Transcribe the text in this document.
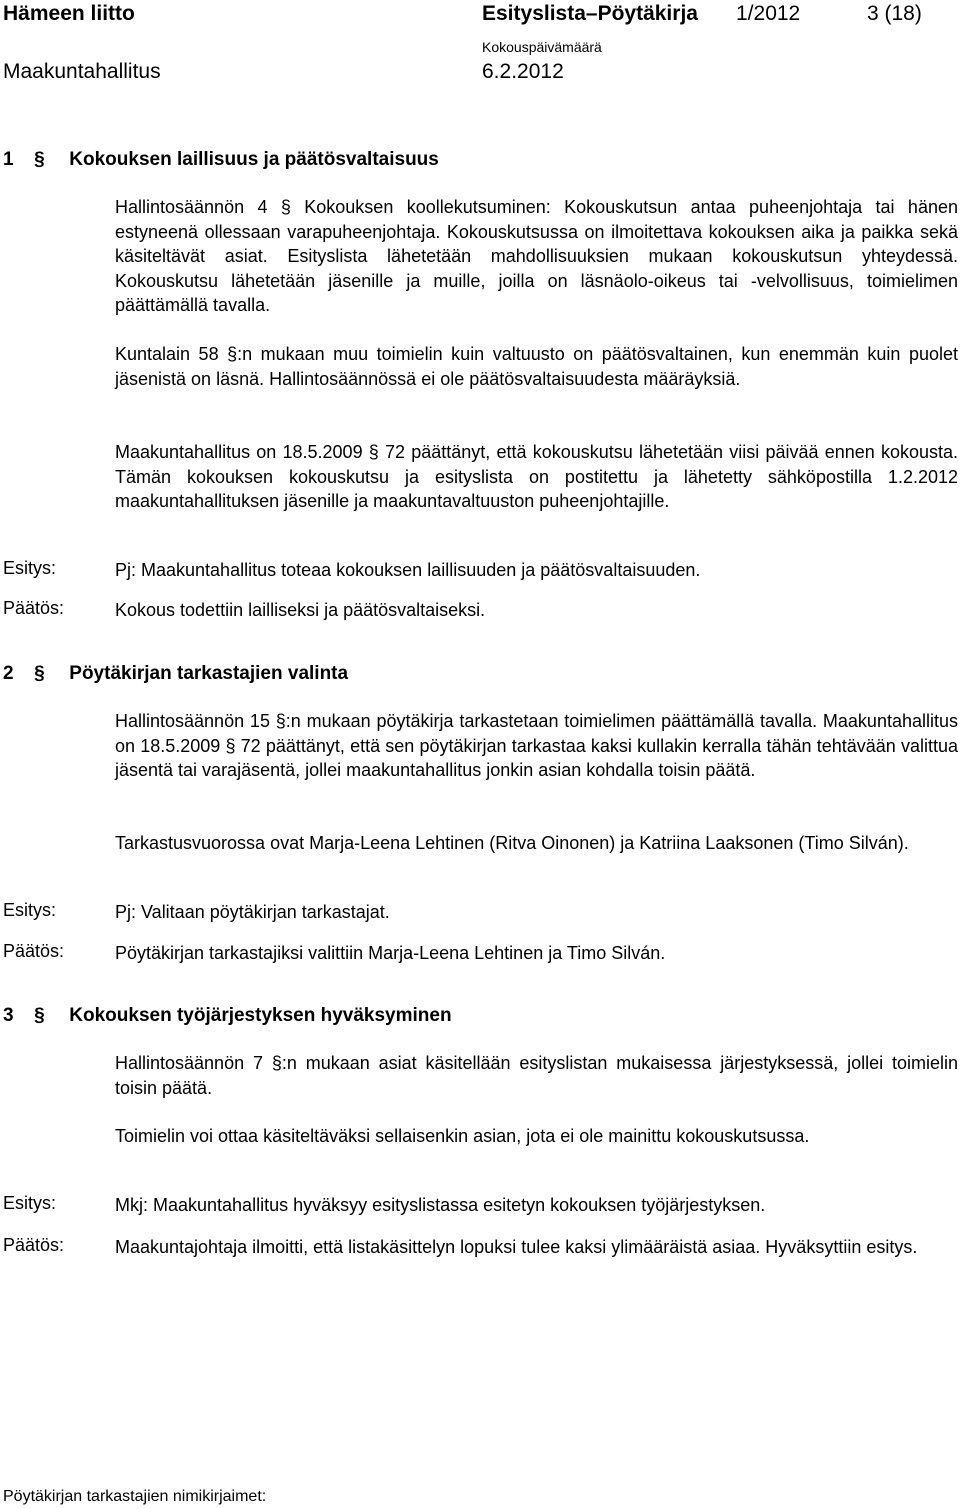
Hämeen liitto	Esityslista–Pöytäkirja 1/2012	3 (18)
Kokouspäivämäärä
Maakuntahallitus	6.2.2012
1 § Kokouksen laillisuus ja päätösvaltaisuus
Hallintosäännön 4 § Kokouksen koollekutsuminen: Kokouskutsun antaa puheenjohtaja tai hänen estyneenä ollessaan varapuheenjohtaja. Kokouskutsussa on ilmoitettava kokouksen aika ja paikka sekä käsiteltävät asiat. Esityslista lähetetään mahdollisuuksien mukaan kokouskutsun yhteydessä. Kokouskutsu lähetetään jäsenille ja muille, joilla on läsnäolo-oikeus tai -velvollisuus, toimielimen päättämällä tavalla.
Kuntalain 58 §:n mukaan muu toimielin kuin valtuusto on päätösvaltainen, kun enemmän kuin puolet jäsenistä on läsnä. Hallintosäännössä ei ole päätösvaltaisuudesta määräyksiä.
Maakuntahallitus on 18.5.2009 § 72 päättänyt, että kokouskutsu lähetetään viisi päivää ennen kokousta. Tämän kokouksen kokouskutsu ja esityslista on postitettu ja lähetetty sähköpostilla 1.2.2012 maakuntahallituksen jäsenille ja maakuntavaltuuston puheenjohtajille.
Esitys:	Pj: Maakuntahallitus toteaa kokouksen laillisuuden ja päätösvaltaisuuden.
Päätös:	Kokous todettiin lailliseksi ja päätösvaltaiseksi.
2 § Pöytäkirjan tarkastajien valinta
Hallintosäännön 15 §:n mukaan pöytäkirja tarkastetaan toimielimen päättämällä tavalla. Maakuntahallitus on 18.5.2009 § 72 päättänyt, että sen pöytäkirjan tarkastaa kaksi kullakin kerralla tähän tehtävään valittua jäsentä tai varajäsentä, jollei maakuntahallitus jonkin asian kohdalla toisin päätä.
Tarkastusvuorossa ovat Marja-Leena Lehtinen (Ritva Oinonen) ja Katriina Laaksonen (Timo Silván).
Esitys:	Pj: Valitaan pöytäkirjan tarkastajat.
Päätös:	Pöytäkirjan tarkastajiksi valittiin Marja-Leena Lehtinen ja Timo Silván.
3 § Kokouksen työjärjestyksen hyväksyminen
Hallintosäännön 7 §:n mukaan asiat käsitellään esityslistan mukaisessa järjestyksessä, jollei toimielin toisin päätä.
Toimielin voi ottaa käsiteltäväksi sellaisenkin asian, jota ei ole mainittu kokouskutsussa.
Esitys:	Mkj: Maakuntahallitus hyväksyy esityslistassa esitetyn kokouksen työjärjestyksen.
Päätös:	Maakuntajohtaja ilmoitti, että listakäsittelyn lopuksi tulee kaksi ylimääräistä asiaa. Hyväksyttiin esitys.
Pöytäkirjan tarkastajien nimikirjaimet:
